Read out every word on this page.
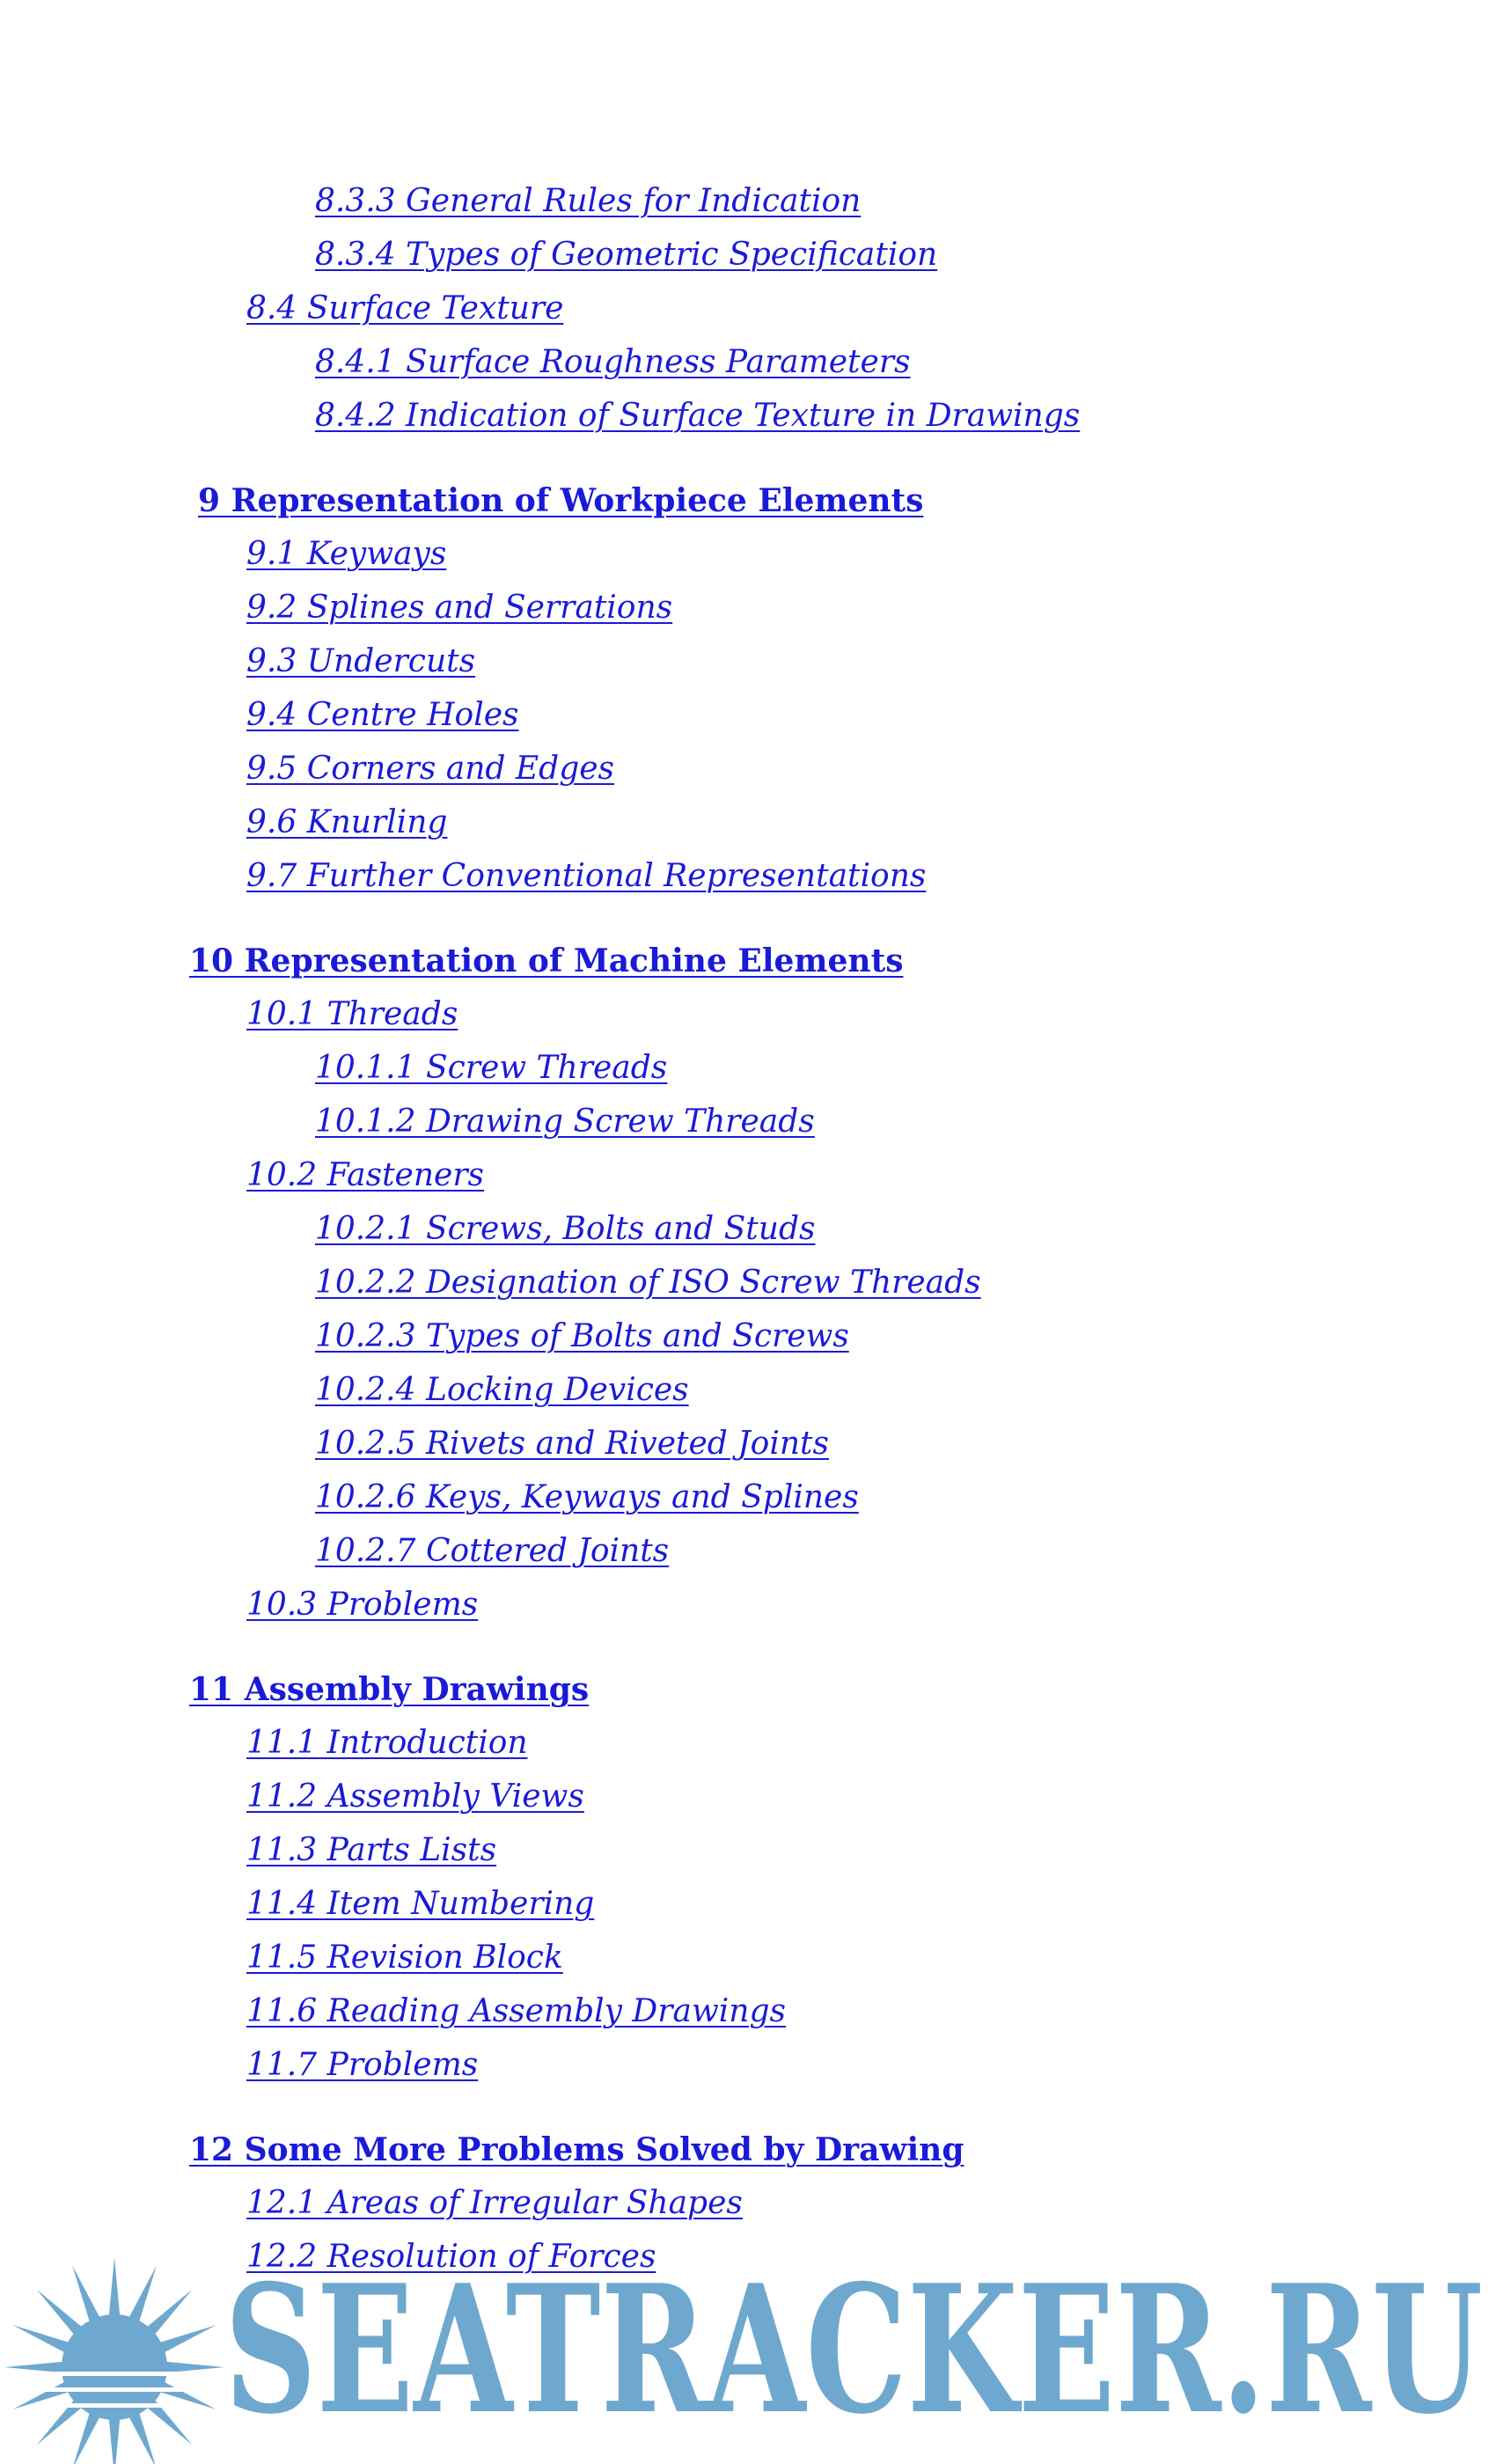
8.3.3 General Rules for Indication
8.3.4 Types of Geometric Specification
8.4 Surface Texture
8.4.1 Surface Roughness Parameters
8.4.2 Indication of Surface Texture in Drawings
9 Representation of Workpiece Elements
9.1 Keyways
9.2 Splines and Serrations
9.3 Undercuts
9.4 Centre Holes
9.5 Corners and Edges
9.6 Knurling
9.7 Further Conventional Representations
10 Representation of Machine Elements
10.1 Threads
10.1.1 Screw Threads
10.1.2 Drawing Screw Threads
10.2 Fasteners
10.2.1 Screws, Bolts and Studs
10.2.2 Designation of ISO Screw Threads
10.2.3 Types of Bolts and Screws
10.2.4 Locking Devices
10.2.5 Rivets and Riveted Joints
10.2.6 Keys, Keyways and Splines
10.2.7 Cottered Joints
10.3 Problems
11 Assembly Drawings
11.1 Introduction
11.2 Assembly Views
11.3 Parts Lists
11.4 Item Numbering
11.5 Revision Block
11.6 Reading Assembly Drawings
11.7 Problems
12 Some More Problems Solved by Drawing
12.1 Areas of Irregular Shapes
12.2 Resolution of Forces
SEATRACKER.RU
